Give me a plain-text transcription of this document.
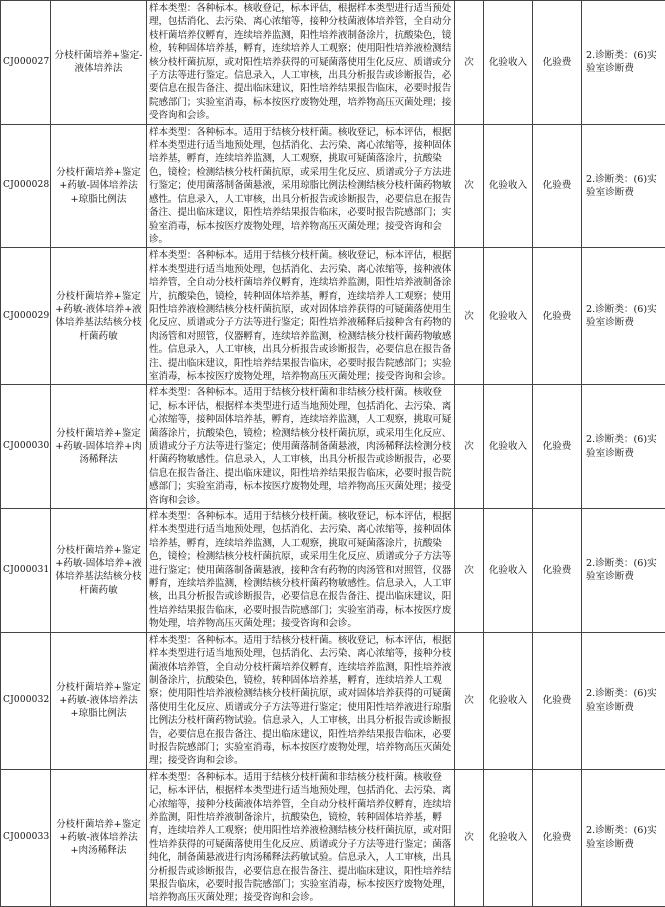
CJ000027	分枝杆菌培养+鉴定-液体培养法	样本类型：各种标本。核收登记，标本评估，根据样本类型进行适当预处理，包括消化、去污染、离心浓缩等，接种分枝菌液体培养管，全自动分枝杆菌培养仪孵育，连续培养监测，阳性培养液制备涂片，抗酸染色，镜检，转种固体培养基，孵育，连续培养人工观察；使用阳性培养液检测结核分枝杆菌抗原，或对阳性培养获得的可疑菌落使用生化反应、质谱或分子方法等进行鉴定。信息录入，人工审核，出具分析报告或诊断报告，必要信息在报告备注、提出临床建议，阳性培养结果报告临床，必要时报告院感部门；实验室消毒，标本按医疗废物处理，培养物高压灭菌处理；接受咨询和会诊。	次	化验收入	化验费	2.诊断类：(6)实验室诊断费
CJ000028	分枝杆菌培养+鉴定+药敏-固体培养法+琼脂比例法	样本类型：各种标本。适用于结核分枝杆菌。核收登记，标本评估，根据样本类型进行适当地预处理，包括消化、去污染、离心浓缩等，接种固体培养基，孵育，连续培养监测，人工观察，挑取可疑菌落涂片，抗酸染色，镜检；检测结核分枝杆菌抗原，或采用生化反应、质谱或分子方法进行鉴定；使用菌落制备菌悬液，采用琼脂比例法检测结核分枝杆菌药物敏感性。信息录入，人工审核，出具分析报告或诊断报告，必要信息在报告备注、提出临床建议，阳性培养结果报告临床，必要时报告院感部门；实验室消毒，标本按医疗废物处理，培养物高压灭菌处理；接受咨询和会诊。	次	化验收入	化验费	2.诊断类：(6)实验室诊断费
CJ000029	分枝杆菌培养+鉴定+药敏-液体培养+液体培养基法结核分枝杆菌药敏	样本类型：各种标本。适用于结核分枝杆菌。核收登记，标本评估，根据样本类型进行适当地预处理，包括消化、去污染、离心浓缩等，接种液体培养管，全自动分枝杆菌培养仪孵育，连续培养监测，阳性培养液制备涂片，抗酸染色，镜检，转种固体培养基，孵育，连续培养人工观察；使用阳性培养液检测结核分枝杆菌抗原，或对固体培养获得的可疑菌落使用生化反应、质谱或分子方法等进行鉴定；阳性培养液稀释后接种含有药物的肉汤管和对照管，仪器孵育，连续培养监测，检测结核分枝杆菌药物敏感性。信息录入，人工审核，出具分析报告或诊断报告，必要信息在报告备注、提出临床建议，阳性培养结果报告临床，必要时报告院感部门；实验室消毒，标本按医疗废物处理，培养物高压灭菌处理；接受咨询和会诊。	次	化验收入	化验费	2.诊断类：(6)实验室诊断费
CJ000030	分枝杆菌培养+鉴定+药敏-固体培养+肉汤稀释法	样本类型：各种标本。适用于结核分枝杆菌和非结核分枝杆菌。核收登记，标本评估，根据样本类型进行适当地预处理，包括消化、去污染、离心浓缩等，接种固体培养基，孵育，连续培养监测，人工观察，挑取可疑菌落涂片，抗酸染色，镜检；检测结核分枝杆菌抗原，或采用生化反应、质谱或分子方法等进行鉴定；使用菌落制备菌悬液，肉汤稀释法检测分枝杆菌药物敏感性。信息录入，人工审核，出具分析报告或诊断报告，必要信息在报告备注、提出临床建议，阳性培养结果报告临床，必要时报告院感部门；实验室消毒，标本按医疗废物处理，培养物高压灭菌处理；接受咨询和会诊。	次	化验收入	化验费	2.诊断类：(6)实验室诊断费
CJ000031	分枝杆菌培养+鉴定+药敏-固体培养+液体培养基法结核分枝杆菌药敏	样本类型：各种标本。适用于结核分枝杆菌。核收登记，标本评估，根据样本类型进行适当地预处理，包括消化、去污染、离心浓缩等，接种固体培养基，孵育，连续培养监测，人工观察，挑取可疑菌落涂片，抗酸染色，镜检；检测结核分枝杆菌抗原，或采用生化反应、质谱或分子方法等进行鉴定；使用菌落制备菌悬液，接种含有药物的肉汤管和对照管，仪器孵育，连续培养监测，检测结核分枝杆菌药物敏感性。信息录入，人工审核，出具分析报告或诊断报告，必要信息在报告备注、提出临床建议，阳性培养结果报告临床，必要时报告院感部门；实验室消毒，标本按医疗废物处理，培养物高压灭菌处理；接受咨询和会诊。	次	化验收入	化验费	2.诊断类：(6)实验室诊断费
CJ000032	分枝杆菌培养+鉴定+药敏-液体培养法+琼脂比例法	样本类型：各种标本。适用于结核分枝杆菌。核收登记，标本评估，根据样本类型进行适当地预处理，包括消化、去污染、离心浓缩等，接种分枝菌液体培养管，全自动分枝杆菌培养仪孵育，连续培养监测，阳性培养液制备涂片，抗酸染色，镜检，转种固体培养基，孵育，连续培养人工观察；使用阳性培养液检测结核分枝杆菌抗原，或对固体培养获得的可疑菌落使用生化反应、质谱或分子方法等进行鉴定；使用阳性培养液进行琼脂比例法分枝杆菌药物试验。信息录入，人工审核，出具分析报告或诊断报告，必要信息在报告备注、提出临床建议，阳性培养结果报告临床，必要时报告院感部门；实验室消毒，标本按医疗废物处理，培养物高压灭菌处理；接受咨询和会诊。	次	化验收入	化验费	2.诊断类：(6)实验室诊断费
CJ000033	分枝杆菌培养+鉴定+药敏-液体培养法+肉汤稀释法	样本类型：各种标本。适用于结核分枝杆菌和非结核分枝杆菌。核收登记，标本评估，根据样本类型进行适当地预处理，包括消化、去污染、离心浓缩等，接种分枝菌液体培养管，全自动分枝杆菌培养仪孵育，连续培养监测，阳性培养液制备涂片，抗酸染色，镜检，转种固体培养基，孵育，连续培养人工观察；使用阳性培养液检测结核分枝杆菌抗原，或对阳性培养获得的可疑菌落使用生化反应、质谱或分子方法等进行鉴定；菌落纯化，制备菌悬液进行肉汤稀释法药敏试验。信息录入，人工审核，出具分析报告或诊断报告，必要信息在报告备注、提出临床建议，阳性培养结果报告临床，必要时报告院感部门；实验室消毒，标本按医疗废物处理，培养物高压灭菌处理；接受咨询和会诊。	次	化验收入	化验费	2.诊断类：(6)实验室诊断费
